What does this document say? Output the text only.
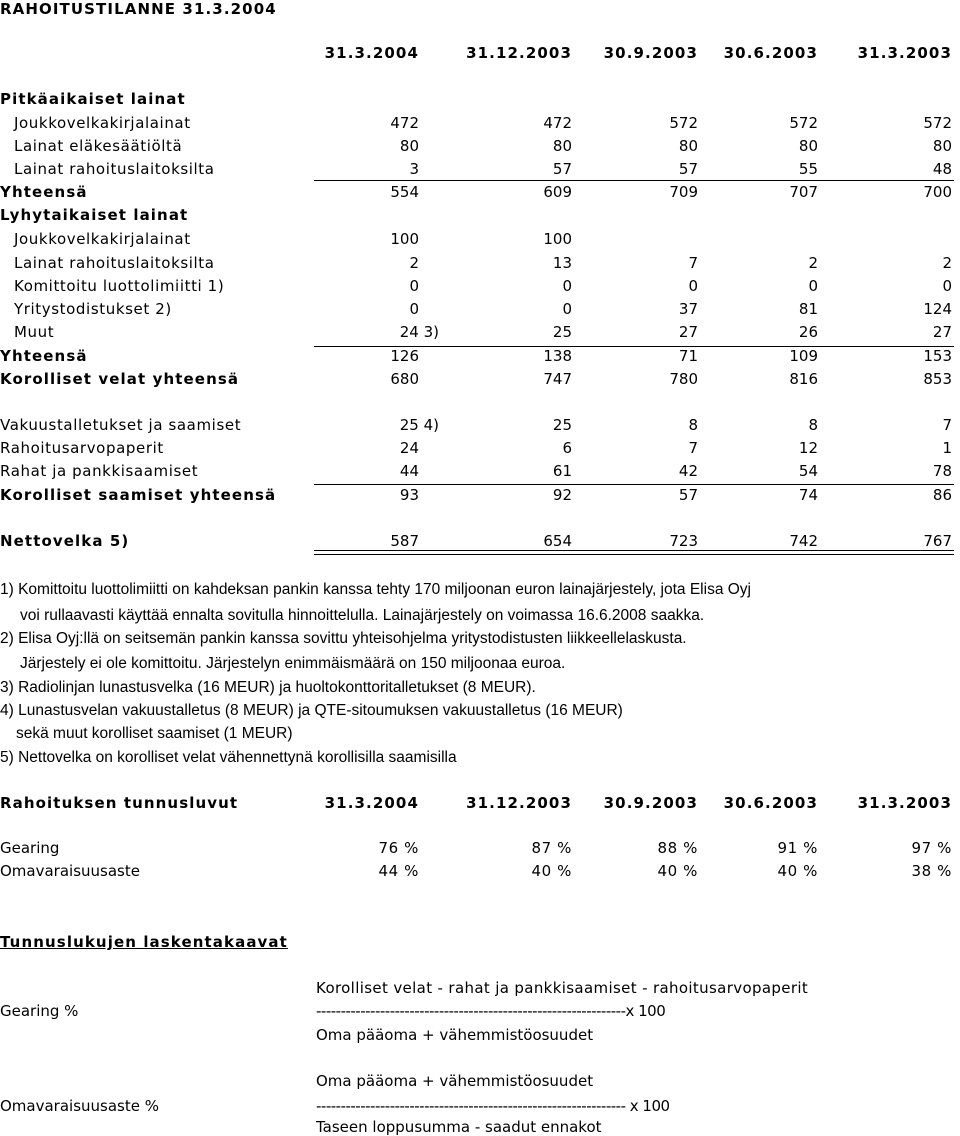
RAHOITUSTILANNE 31.3.2004
31.3.2004	31.12.2003 30.9.2003 30.6.2003	31.3.2003
Pitkäaikaiset lainat
Joukkovelkakirjalainat	472	472	572	572	572
Lainat eläkesäätiöltä	80	80	80	80	80
Lainat rahoituslaitoksilta	3	57	57	55	48
Yhteensä	554	609	709	707	700
Lyhytaikaiset lainat
Joukkovelkakirjalainat	100	100
Lainat rahoituslaitoksilta	2	13	7	2	2
Komittoitu luottolimiitti 1)	0	0	0	0	0
Yritystodistukset 2)	0	0	37	81	124
Muut	24 3)	25	27	26	27
Yhteensä	126	138	71	109	153
Korolliset velat yhteensä	680	747	780	816	853
Vakuustalletukset ja saamiset	25 4)	25	8	8	7
Rahoitusarvopaperit	24	6	7	12	1
Rahat ja pankkisaamiset	44	61	42	54	78
Korolliset saamiset yhteensä	93	92	57	74	86
Nettovelka 5)	587	654	723	742	767
1) Komittoitu luottolimiitti on kahdeksan pankin kanssa tehty 170 miljoonan euron lainajärjestely, jota Elisa Oyj
voi rullaavasti käyttää ennalta sovitulla hinnoittelulla. Lainajärjestely on voimassa 16.6.2008 saakka.
2) Elisa Oyj:llä on seitsemän pankin kanssa sovittu yhteisohjelma yritystodistusten liikkeellelaskusta.
Järjestely ei ole komittoitu. Järjestelyn enimmäismäärä on 150 miljoonaa euroa.
3) Radiolinjan lunastusvelka (16 MEUR) ja huoltokonttoritalletukset (8 MEUR).
4) Lunastusvelan vakuustalletus (8 MEUR) ja QTE-sitoumuksen vakuustalletus (16 MEUR)
sekä muut korolliset saamiset (1 MEUR)
5) Nettovelka on korolliset velat vähennettynä korollisilla saamisilla
Rahoituksen tunnusluvut	31.3.2004	31.12.2003 30.9.2003 30.6.2003	31.3.2003
Gearing	76 %	87 %	88 %	91 %	97 %
Omavaraisuusaste	44 %	40 %	40 %	40 %	38 %
Tunnuslukujen laskentakaavat
Korolliset velat - rahat ja pankkisaamiset - rahoitusarvopaperit
Gearing %	---------------------------------------------------------------x 100
Oma pääoma + vähemmistöosuudet
Oma pääoma + vähemmistöosuudet
Omavaraisuusaste %	--------------------------------------------------------------- x 100
Taseen loppusumma - saadut ennakot
